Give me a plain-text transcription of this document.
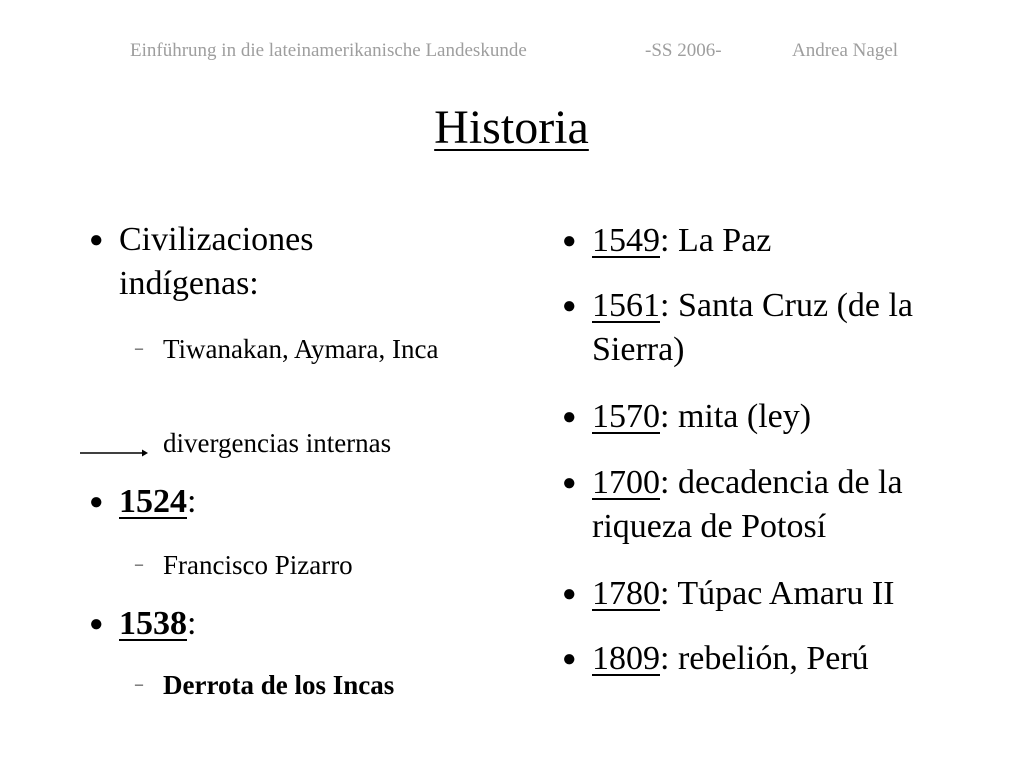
Einführung in die lateinamerikanische Landeskunde	-SS 2006-	Andrea Nagel
Historia
● Civilizaciones indígenas:
– Tiwanakan, Aymara, Inca
divergencias internas
● 1524:
– Francisco Pizarro
● 1538:
– Derrota de los Incas
● 1549: La Paz
● 1561: Santa Cruz (de la Sierra)
● 1570: mita (ley)
● 1700: decadencia de la riqueza de Potosí
● 1780: Túpac Amaru II
● 1809: rebelión, Perú
